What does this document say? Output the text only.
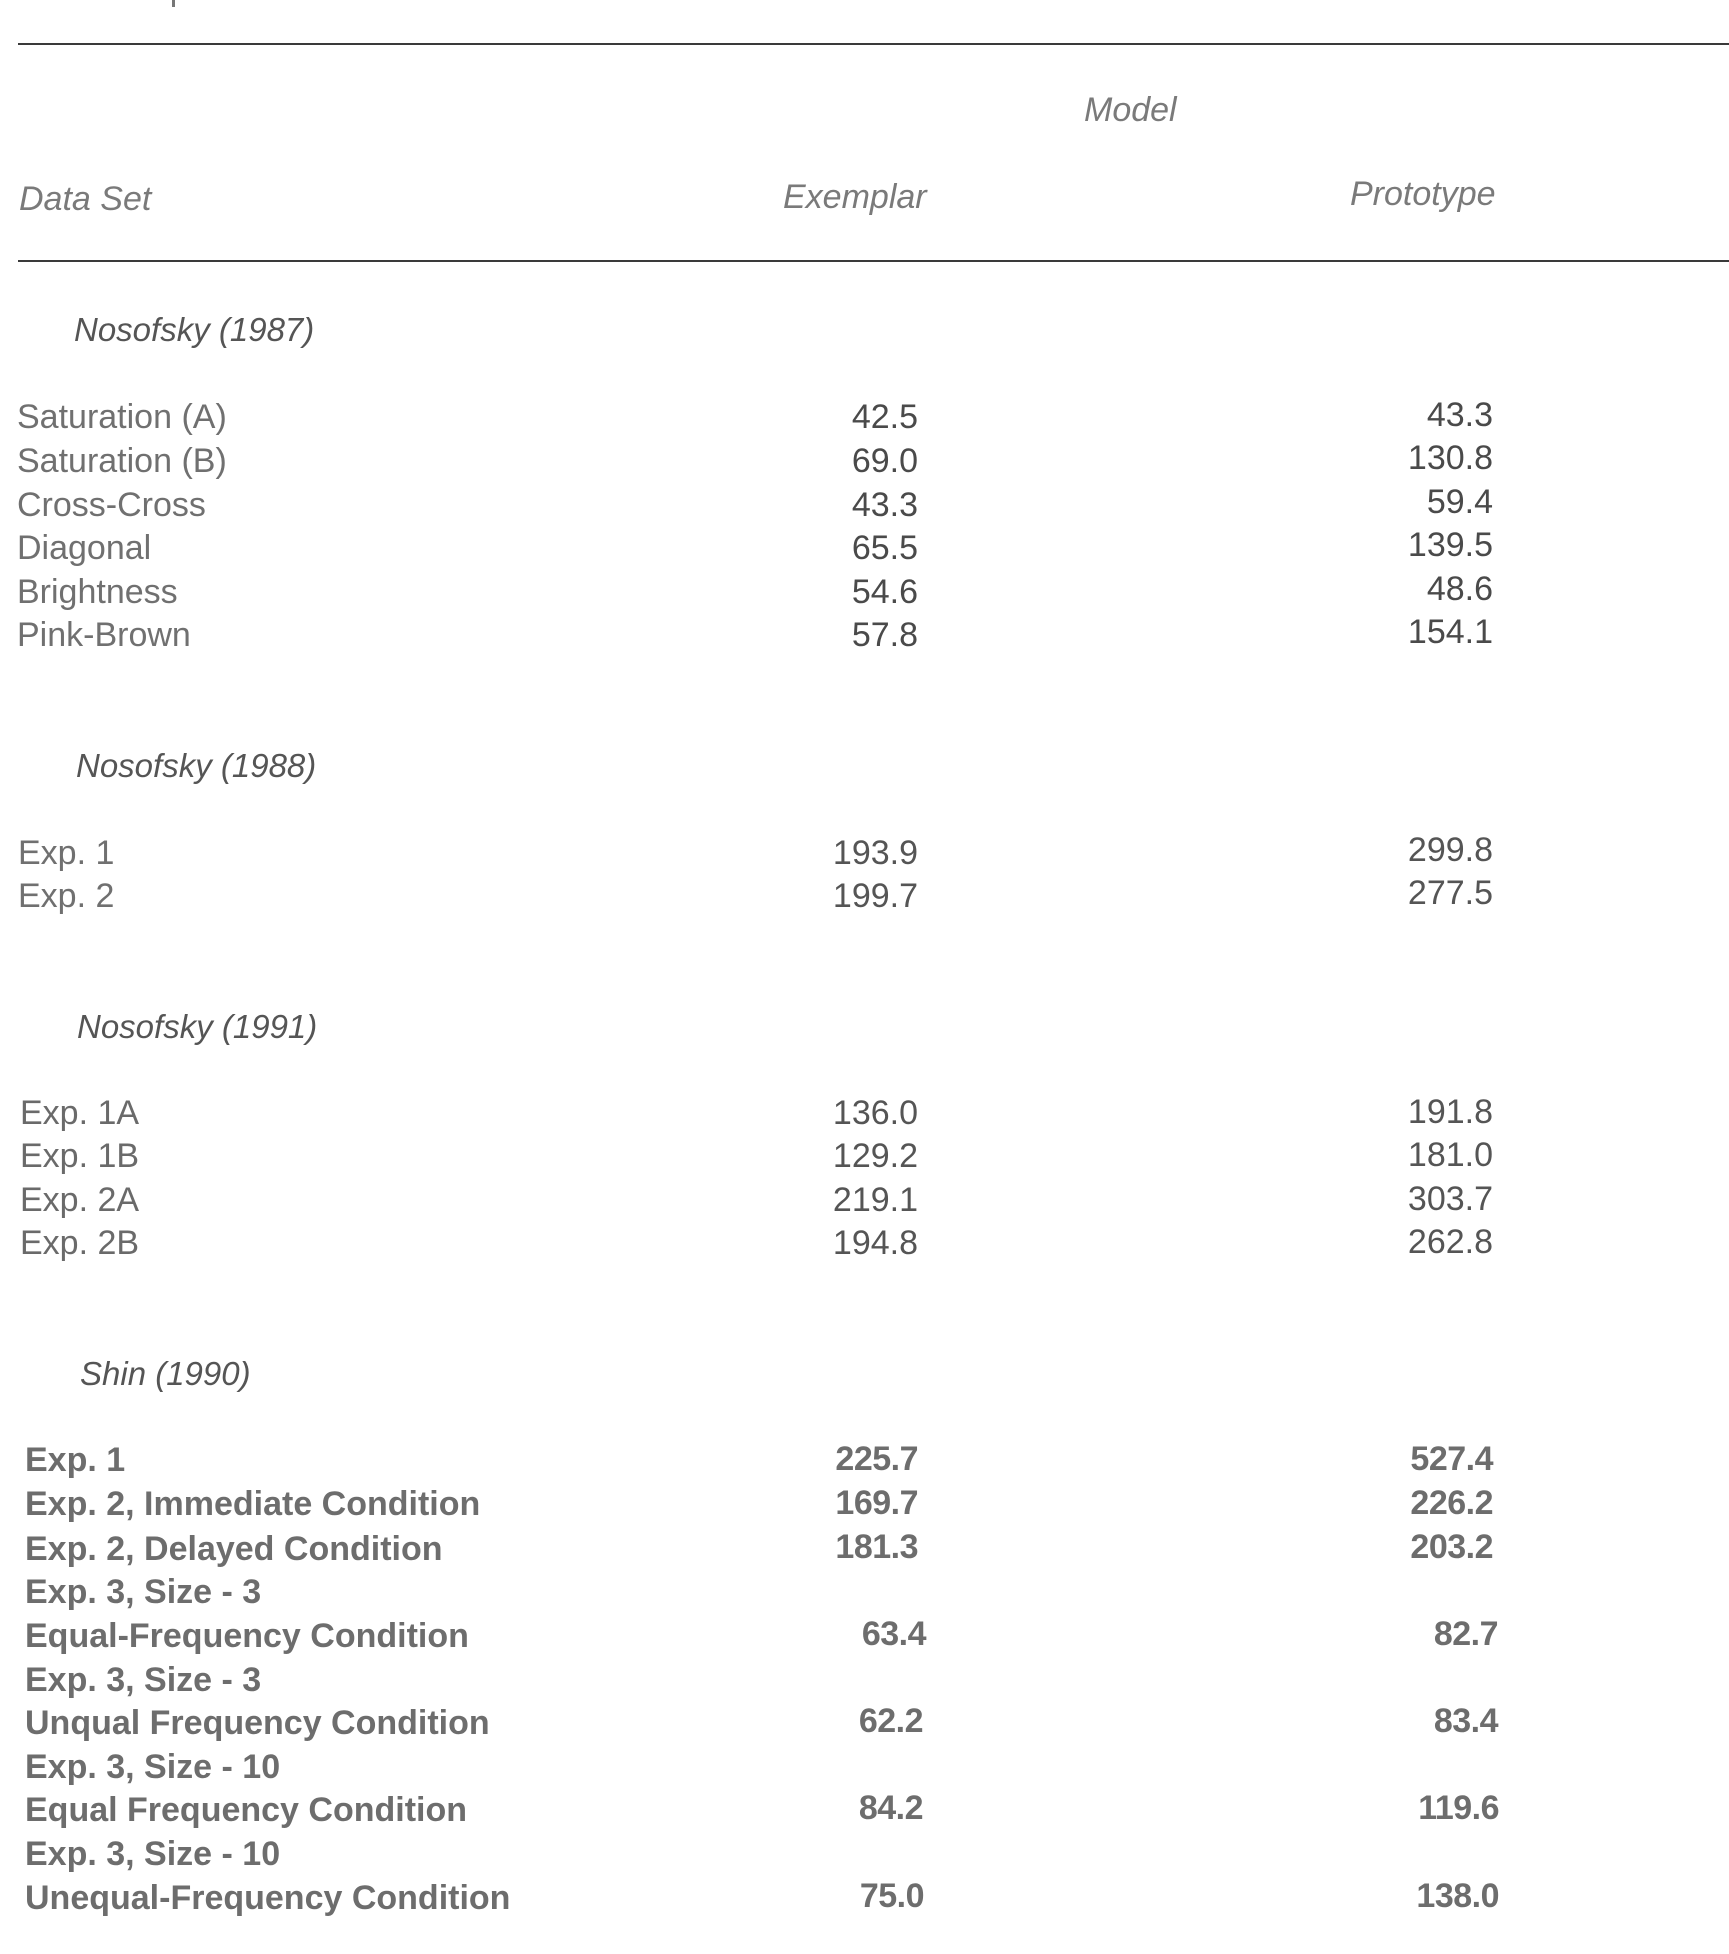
Model
Data Set	Exemplar	Prototype
Nosofsky (1987)
Saturation (A)	42.5	43.3
Saturation (B)	69.0	130.8
Cross-Cross	43.3	59.4
Diagonal	65.5	139.5
Brightness	54.6	48.6
Pink-Brown	57.8	154.1
Nosofsky (1988)
Exp. 1	193.9	299.8
Exp. 2	199.7	277.5
Nosofsky (1991)
Exp. 1A	136.0	191.8
Exp. 1B	129.2	181.0
Exp. 2A	219.1	303.7
Exp. 2B	194.8	262.8
Shin (1990)
Exp. 1	225.7	527.4
Exp. 2, Immediate Condition	169.7	226.2
Exp. 2, Delayed Condition	181.3	203.2
Exp. 3, Size - 3
Equal-Frequency Condition	63.4	82.7
Exp. 3, Size - 3
Unqual Frequency Condition	62.2	83.4
Exp. 3, Size - 10
Equal Frequency Condition	84.2	119.6
Exp. 3, Size - 10
Unequal-Frequency Condition	75.0	138.0
